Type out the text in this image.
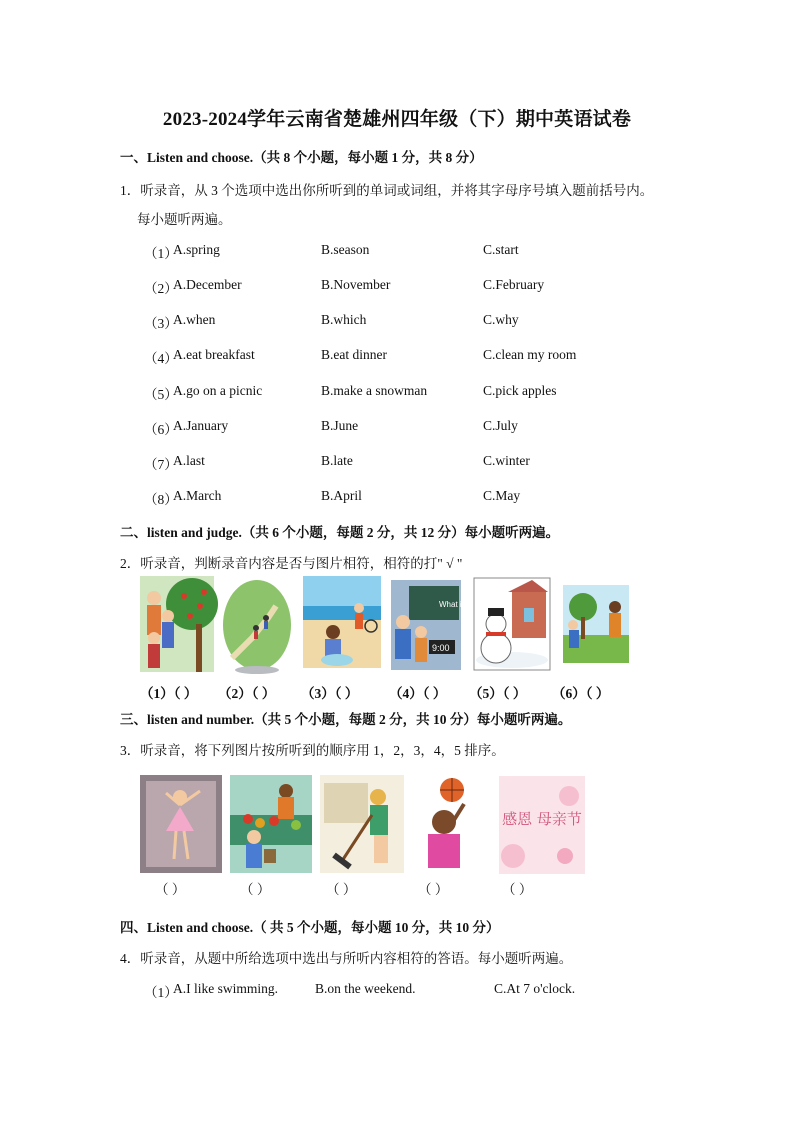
2023-2024学年云南省楚雄州四年级（下）期中英语试卷
一、Listen and choose.（共 8 个小题，每小题 1 分，共 8 分）
1．听录音，从 3 个选项中选出你所听到的单词或词组，并将其字母序号填入题前括号内。
每小题听两遍。
（1）
A.spring	B.season	C.start
（2）
A.December	B.November	C.February
（3）
A.when	B.which	C.why
（4）
A.eat breakfast	B.eat dinner	C.clean my room
（5）
A.go on a picnic	B.make a snowman	C.pick apples
（6）
A.January	B.June	C.July
（7）
A.last	B.late	C.winter
（8）
A.March	B.April	C.May
二、listen and judge.（共 6 个小题，每题 2 分，共 12 分）每小题听两遍。
2．听录音，判断录音内容是否与图片相符，相符的打" √ "
What is
9:00
（1）（ ） （2）（ ） （3）（ ） （4）（ ） （5）（ ） （6）（ ）
三、listen and number.（共 5 个小题，每题 2 分，共 10 分）每小题听两遍。
3．听录音，将下列图片按所听到的顺序用 1，2，3，4，5 排序。
感恩 母亲节
（ ）	（ ）	（ ）	（ ）	（ ）
四、Listen and choose.（ 共 5 个小题，每小题 10 分，共 10 分）
4．听录音，从题中所给选项中选出与所听内容相符的答语。每小题听两遍。
（1）
A.I like swimming.	B.on the weekend.	C.At 7 o'clock.
